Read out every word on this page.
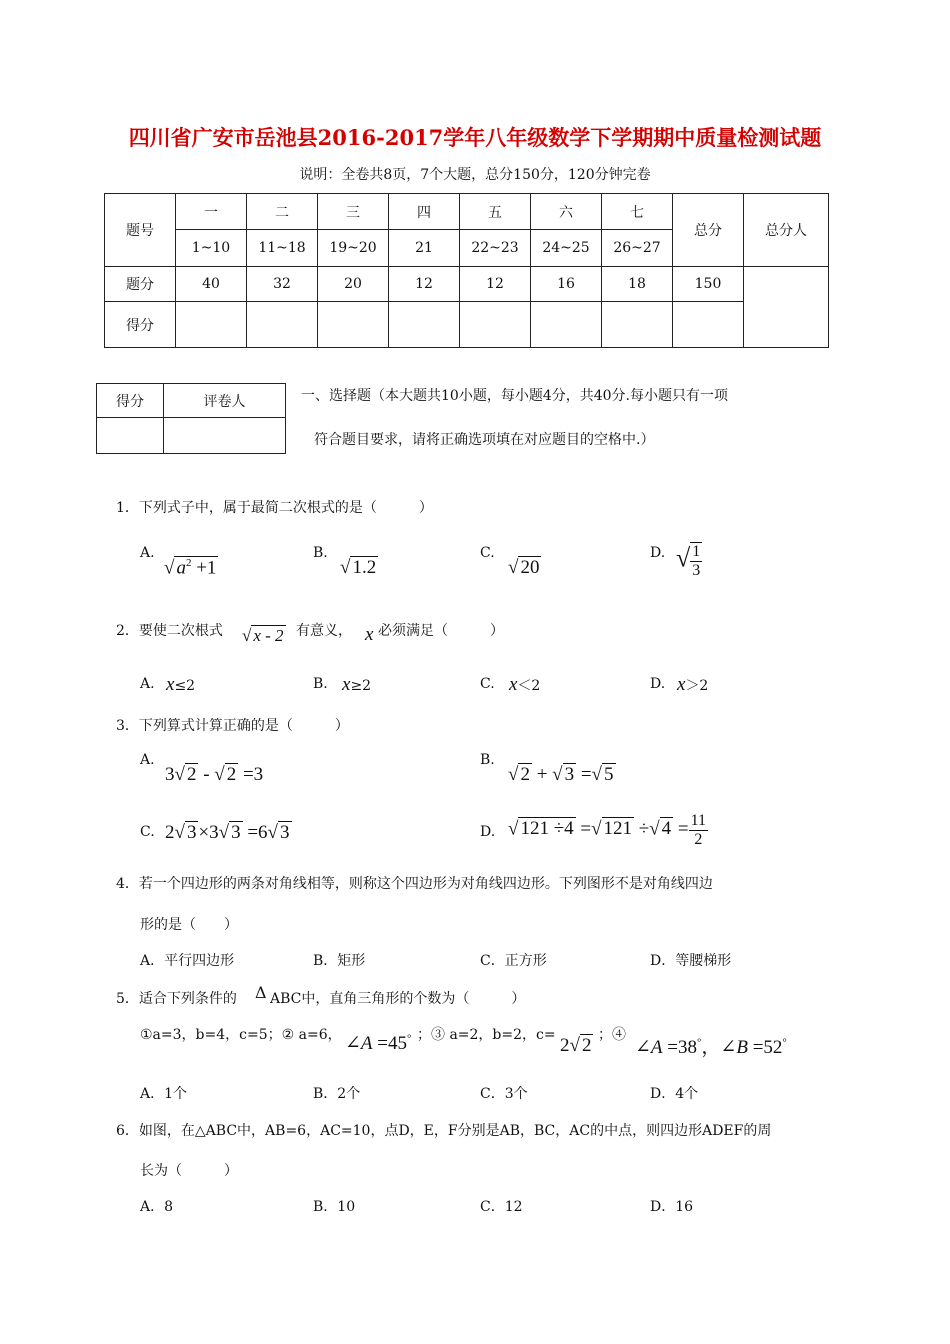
四川省广安市岳池县2016-2017学年八年级数学下学期期中质量检测试题
说明：全卷共8页，7个大题，总分150分，120分钟完卷
题号	一	二	三	四	五	六	七	总分	总分人
	1~10	11~18	19~20	21	22~23	24~25	26~27		
题分	40	32	20	12	12	16	18	150	
得分									
得分	评卷人
		一、选择题（本大题共10小题，每小题4分，共40分.每小题只有一项
符合题目要求，请将正确选项填在对应题目的空格中.）
1．下列式子中，属于最简二次根式的是（　　　）
A.
√ $a^2 +1$
B.
√ 1.2
C.
√ 20
D. √ $\frac{1}{3}$
2．要使二次根式 √ x - 2 有意义， x 必须满足（　　　）
A. x≤2	B. x≥2	C. x＜2	D. x＞2
3．下列算式计算正确的是（　　　）
A.
3√ 2 - √ 2 =3
B.
√ 2 + √ 3 =√ 5
C. 2√ 3 ×3√ 3 =6√ 3	D. √ 121 ÷4 =√ 121 ÷√ $4 = \frac{11}{2}$
4．若一个四边形的两条对角线相等，则称这个四边形为对角线四边形。下列图形不是对角线四边
形的是（　　）
A．平行四边形	B．矩形	C．正方形	D．等腰梯形
5．适合下列条件的 Δ ABC中，直角三角形的个数为（　　　）
①a=3，b=4，c=5；② a=6， ∠A =45° ；③ a=2，b=2，c= 2√ 2 ；④
∠A =38°，∠B =52°
A．1个	B．2个	C．3个	D．4个
6．如图，在△ABC中，AB=6，AC=10，点D，E，F分别是AB，BC，AC的中点，则四边形ADEF的周
长为（　　　）
A．8	B．10	C．12	D．16
